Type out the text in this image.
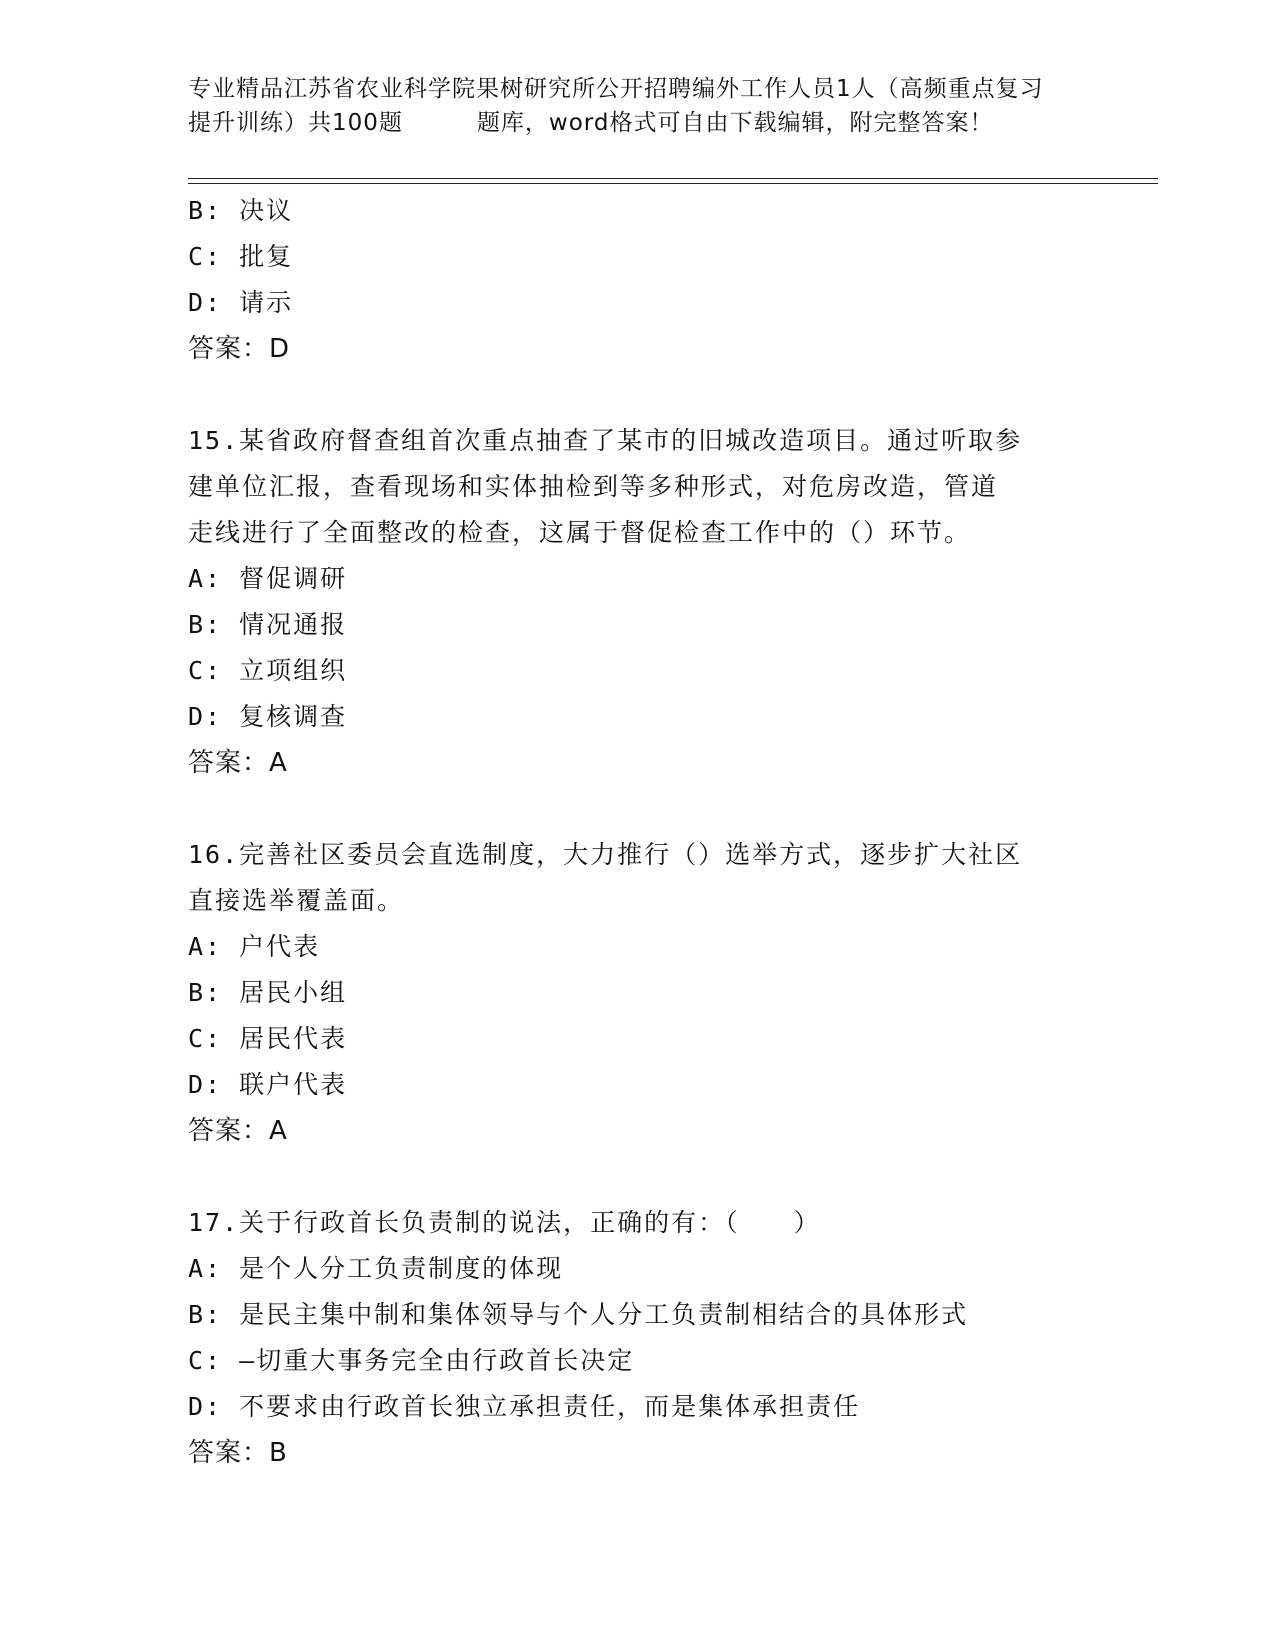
专业精品江苏省农业科学院果树研究所公开招聘编外工作人员1人（高频重点复习
提升训练）共100题	题库，word格式可自由下载编辑，附完整答案！
B: 决议
C: 批复
D: 请示
答案：D
15.某省政府督查组首次重点抽查了某市的旧城改造项目。通过听取参
建单位汇报，查看现场和实体抽检到等多种形式，对危房改造，管道
走线进行了全面整改的检查，这属于督促检查工作中的（）环节。
A: 督促调研
B: 情况通报
C: 立项组织
D: 复核调查
答案：A
16.完善社区委员会直选制度，大力推行（）选举方式，逐步扩大社区
直接选举覆盖面。
A: 户代表
B: 居民小组
C: 居民代表
D: 联户代表
答案：A
17.关于行政首长负责制的说法，正确的有：（　　）
A: 是个人分工负责制度的体现
B: 是民主集中制和集体领导与个人分工负责制相结合的具体形式
C: —切重大事务完全由行政首长决定
D: 不要求由行政首长独立承担责任，而是集体承担责任
答案：B
